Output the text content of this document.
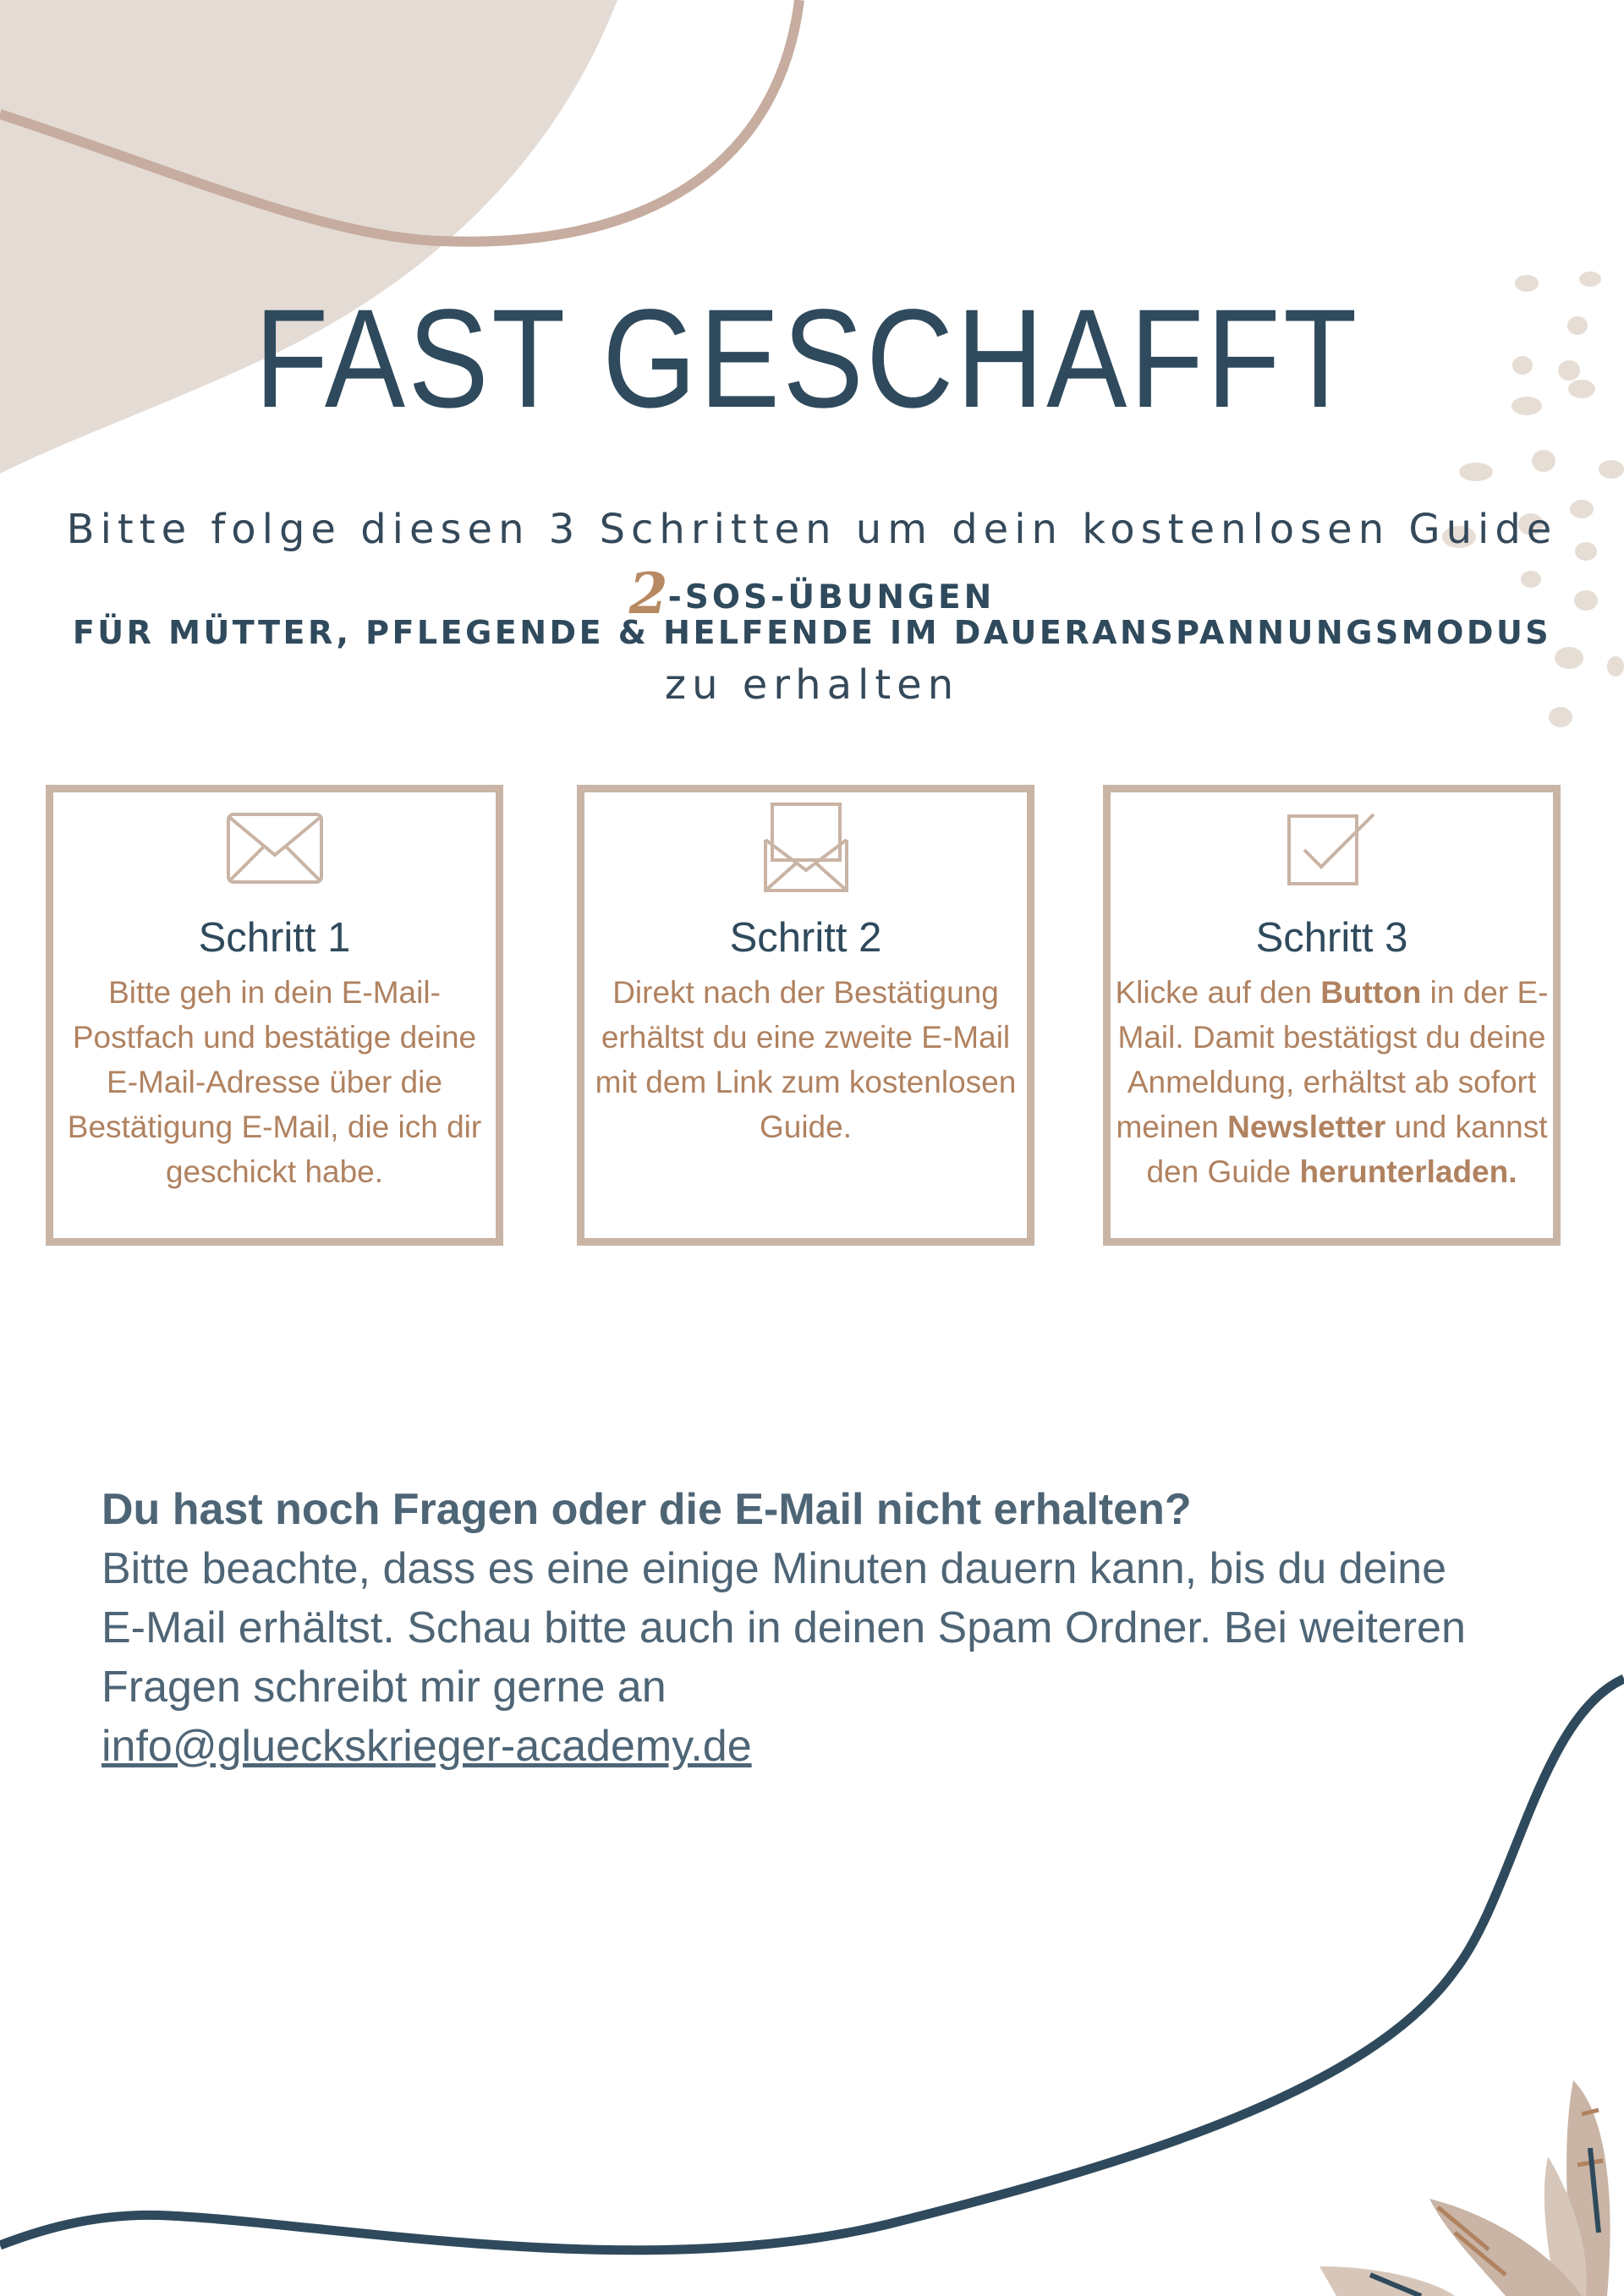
FAST GESCHAFFT
Bitte folge diesen 3 Schritten um dein kostenlosen Guide
2-SOS-ÜBUNGEN
FÜR MÜTTER, PFLEGENDE & HELFENDE IM DAUERANSPANNUNGSMODUS
zu erhalten
Schritt 1
Bitte geh in dein E-Mail-Postfach und bestätige deine E-Mail-Adresse über die Bestätigung E-Mail, die ich dir geschickt habe.
Schritt 2
Direkt nach der Bestätigung erhältst du eine zweite E-Mail mit dem Link zum kostenlosen Guide.
Schritt 3
Klicke auf den Button in der E-Mail. Damit bestätigst du deine Anmeldung, erhältst ab sofort meinen Newsletter und kannst den Guide herunterladen.
Du hast noch Fragen oder die E-Mail nicht erhalten?
Bitte beachte, dass es eine einige Minuten dauern kann, bis du deine E-Mail erhältst. Schau bitte auch in deinen Spam Ordner. Bei weiteren Fragen schreibt mir gerne an
info@glueckskrieger-academy.de
